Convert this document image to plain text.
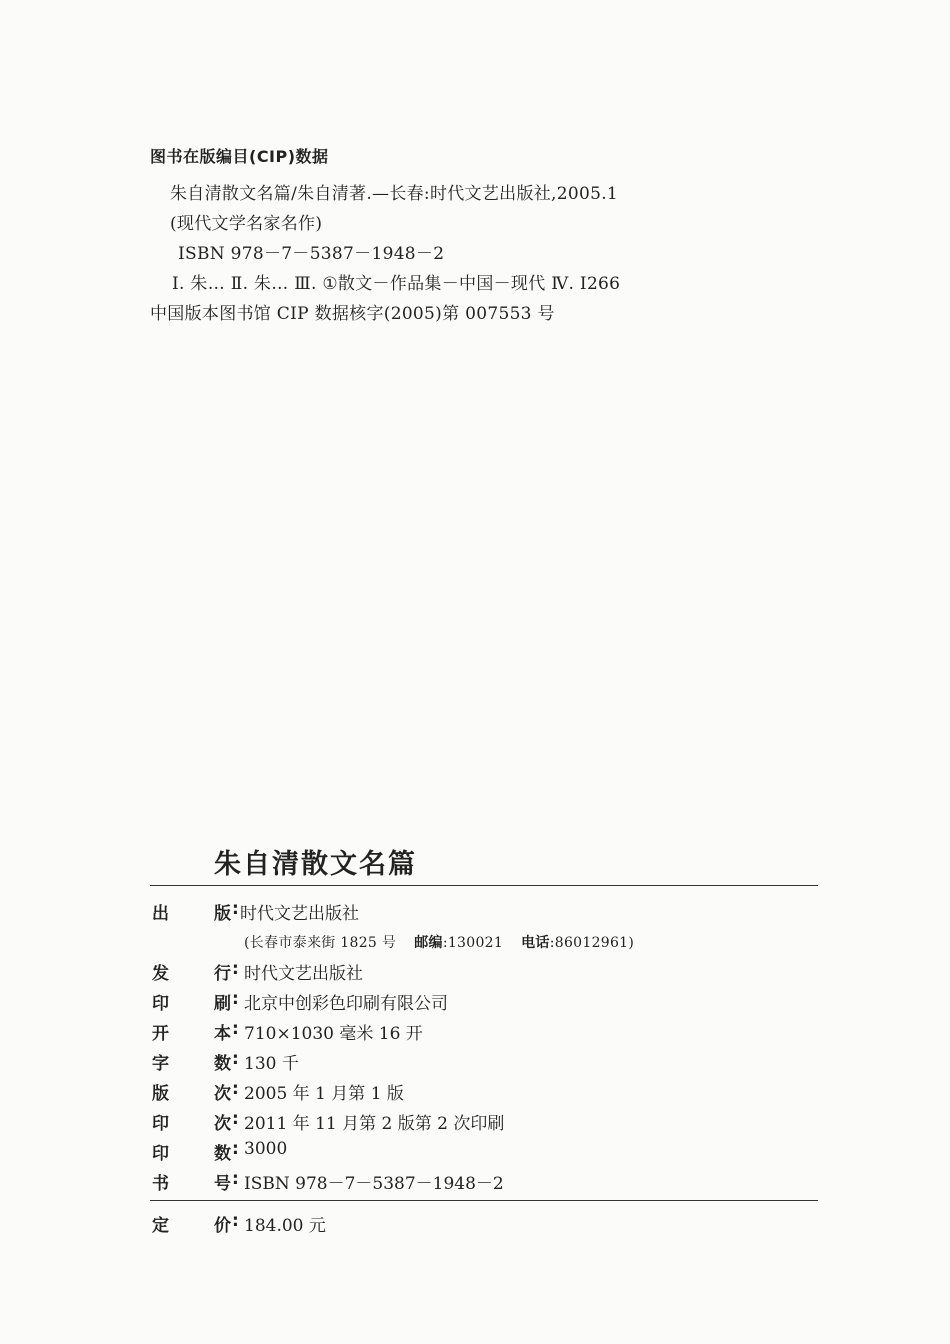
图书在版编目(CIP)数据
朱自清散文名篇/朱自清著.—长春:时代文艺出版社,2005.1
(现代文学名家名作)
ISBN 978－7－5387－1948－2
Ⅰ. 朱… Ⅱ. 朱… Ⅲ. ①散文－作品集－中国－现代 Ⅳ. I266
中国版本图书馆 CIP 数据核字(2005)第 007553 号
朱自清散文名篇
出	版 : 时代文艺出版社
(长春市泰来街 1825 号 邮编:130021 电话:86012961)
发	行 : 时代文艺出版社
印	刷 : 北京中创彩色印刷有限公司
开	本 : 710×1030 毫米 16 开
字	数 : 130 千
版	次 : 2005 年 1 月第 1 版
印	次 : 2011 年 11 月第 2 版第 2 次印刷
印	数 : 3000
书	号 : ISBN 978－7－5387－1948－2
定	价 : 184.00 元
